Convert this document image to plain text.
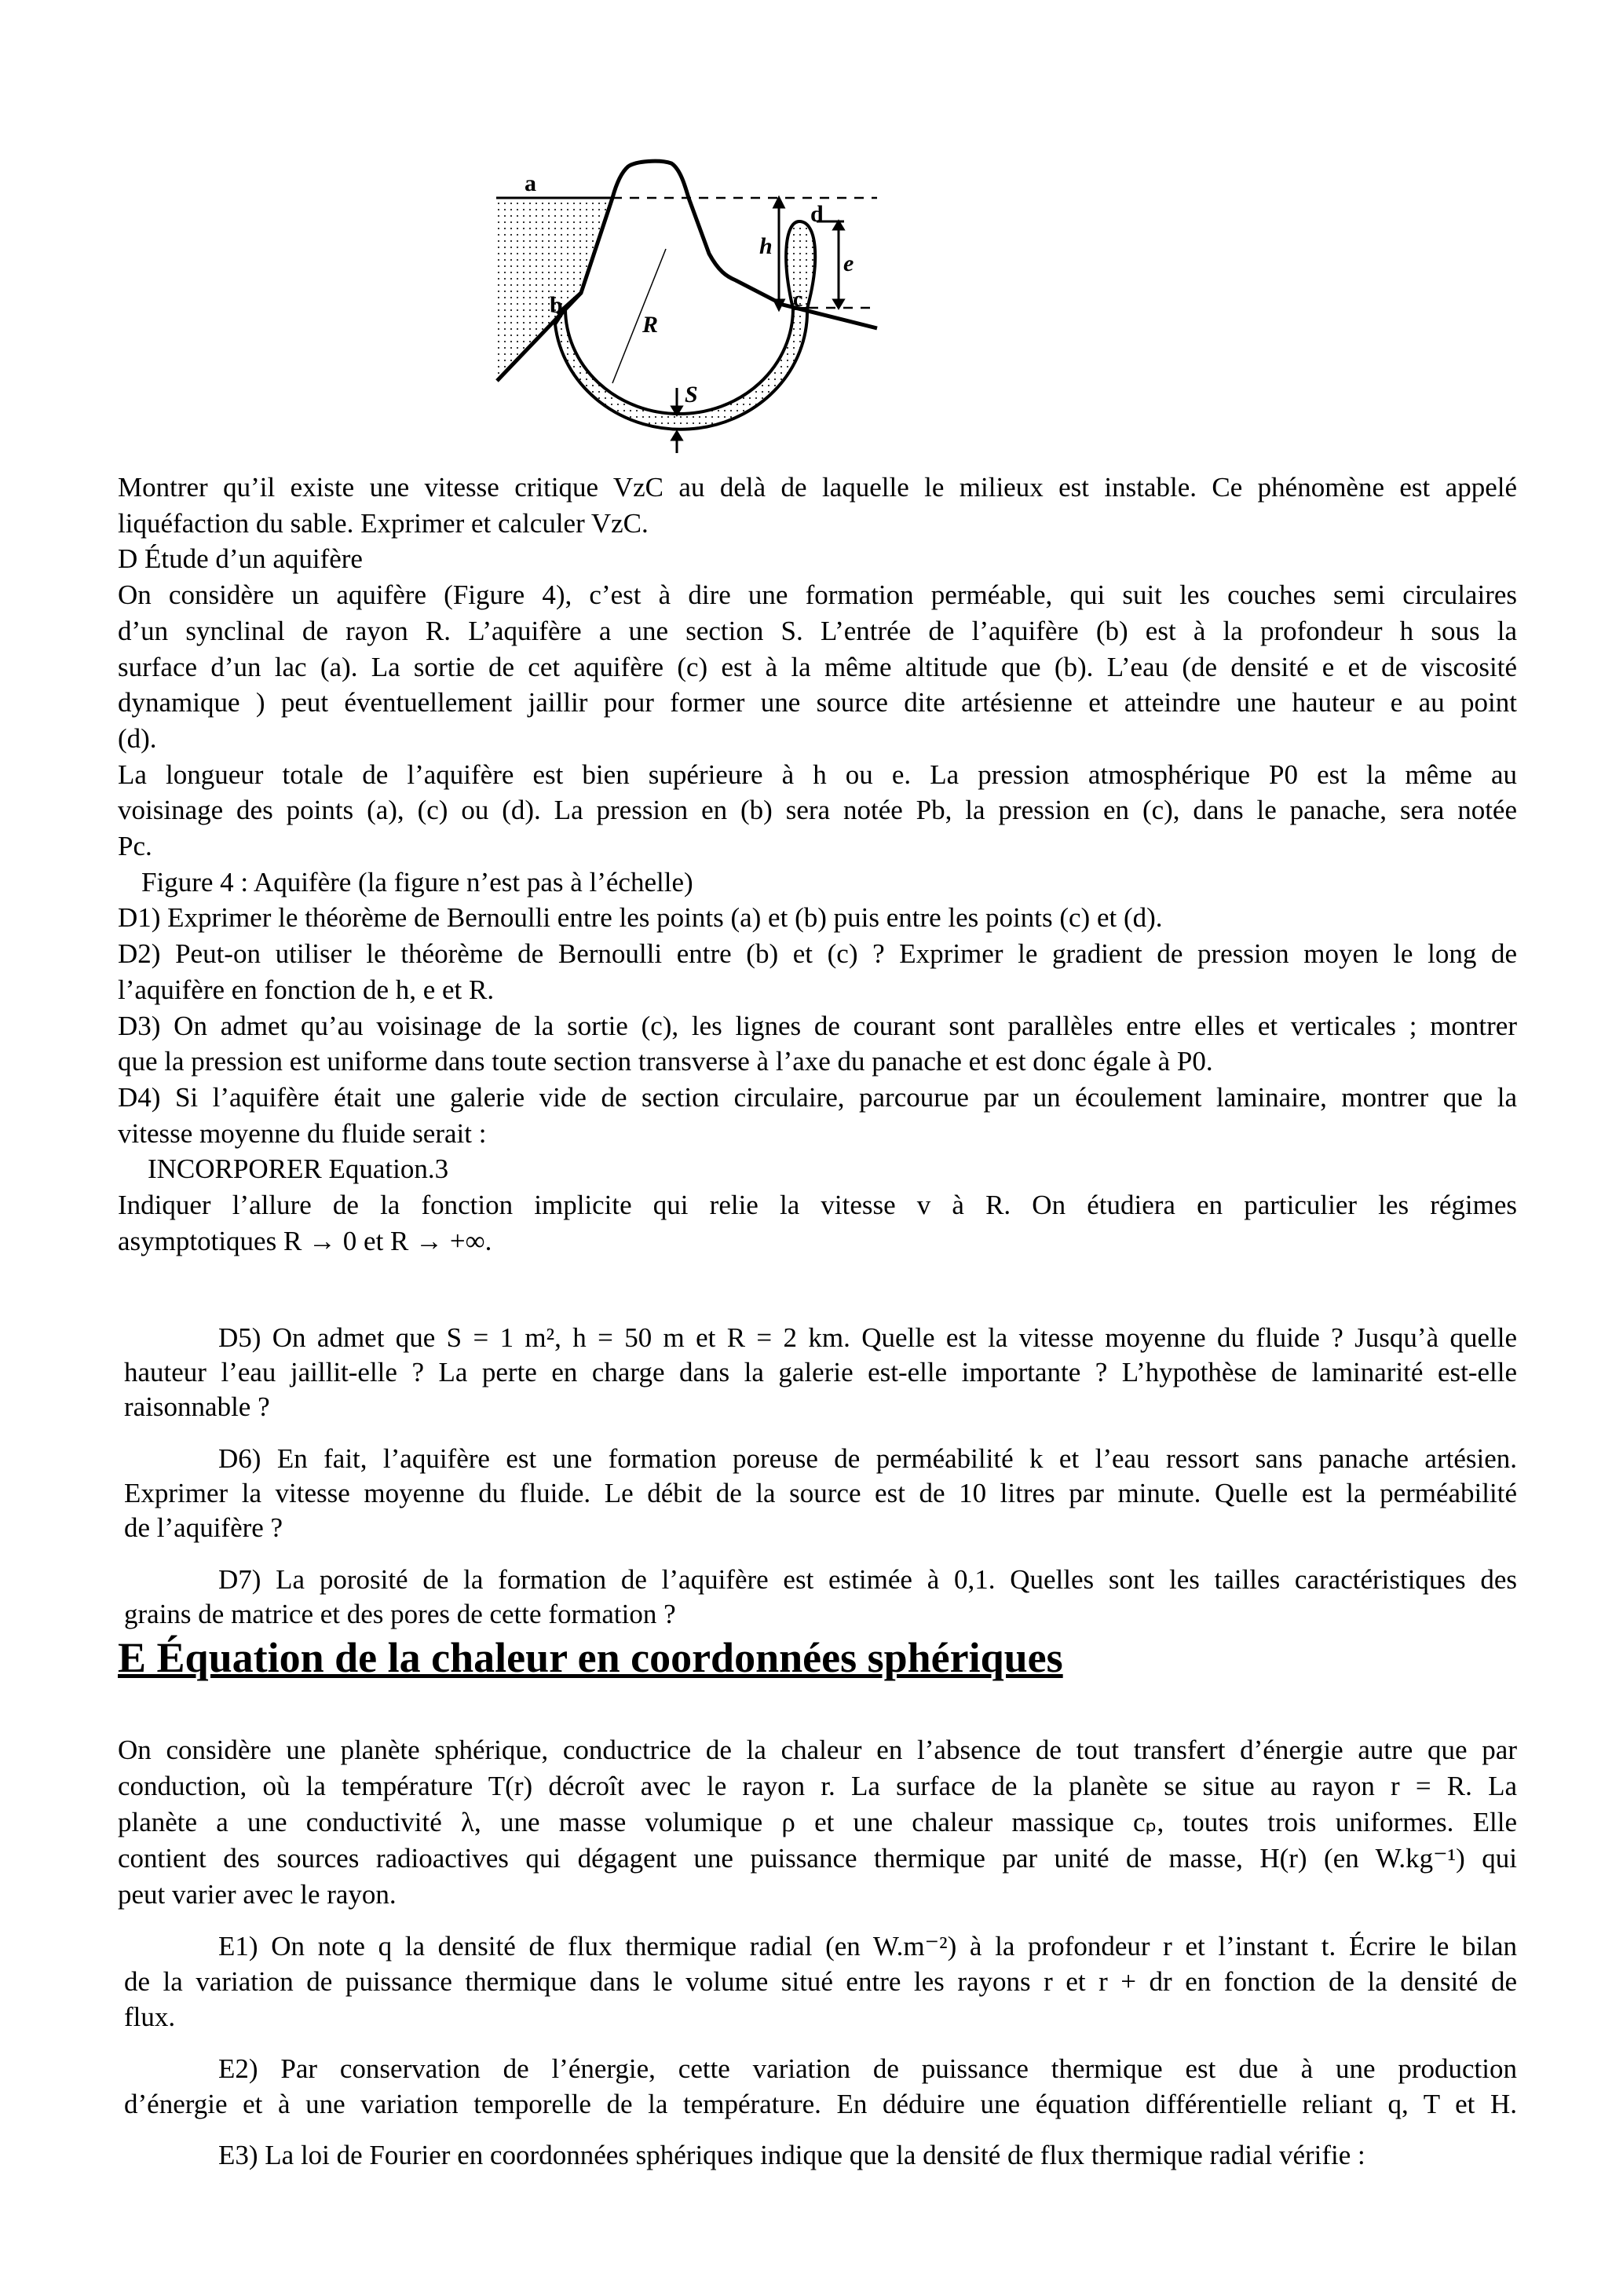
a
b	c
d
h
e
R
S
Montrer qu’il existe une vitesse critique VzC au delà de laquelle le milieux est instable. Ce phénomène est appelé
liquéfaction du sable. Exprimer et calculer VzC.
D Étude d’un aquifère
On considère un aquifère (Figure 4), c’est à dire une formation perméable, qui suit les couches semi circulaires
d’un synclinal de rayon R. L’aquifère a une section S. L’entrée de l’aquifère (b) est à la profondeur h sous la
surface d’un lac (a). La sortie de cet aquifère (c) est à la même altitude que (b). L’eau (de densité e et de viscosité
dynamique ) peut éventuellement jaillir pour former une source dite artésienne et atteindre une hauteur e au point
(d).
La longueur totale de l’aquifère est bien supérieure à h ou e. La pression atmosphérique P0 est la même au
voisinage des points (a), (c) ou (d). La pression en (b) sera notée Pb, la pression en (c), dans le panache, sera notée
Pc.
Figure 4 : Aquifère (la figure n’est pas à l’échelle)
D1) Exprimer le théorème de Bernoulli entre les points (a) et (b) puis entre les points (c) et (d).
D2) Peut-on utiliser le théorème de Bernoulli entre (b) et (c) ? Exprimer le gradient de pression moyen le long de
l’aquifère en fonction de h, e et R.
D3) On admet qu’au voisinage de la sortie (c), les lignes de courant sont parallèles entre elles et verticales ; montrer
que la pression est uniforme dans toute section transverse à l’axe du panache et est donc égale à P0.
D4) Si l’aquifère était une galerie vide de section circulaire, parcourue par un écoulement laminaire, montrer que la
vitesse moyenne du fluide serait :
INCORPORER Equation.3
Indiquer l’allure de la fonction implicite qui relie la vitesse v à R. On étudiera en particulier les régimes
asymptotiques R → 0 et R → +∞.
D5) On admet que S = 1 m², h = 50 m et R = 2 km. Quelle est la vitesse moyenne du fluide ? Jusqu’à quelle
hauteur l’eau jaillit-elle ? La perte en charge dans la galerie est-elle importante ? L’hypothèse de laminarité est-elle
raisonnable ?
D6) En fait, l’aquifère est une formation poreuse de perméabilité k et l’eau ressort sans panache artésien.
Exprimer la vitesse moyenne du fluide. Le débit de la source est de 10 litres par minute. Quelle est la perméabilité
de l’aquifère ?
D7) La porosité de la formation de l’aquifère est estimée à 0,1. Quelles sont les tailles caractéristiques des
grains de matrice et des pores de cette formation ?
E Équation de la chaleur en coordonnées sphériques
On considère une planète sphérique, conductrice de la chaleur en l’absence de tout transfert d’énergie autre que par
conduction, où la température T(r) décroît avec le rayon r. La surface de la planète se situe au rayon r = R. La
planète a une conductivité λ, une masse volumique ρ et une chaleur massique cₚ, toutes trois uniformes. Elle
contient des sources radioactives qui dégagent une puissance thermique par unité de masse, H(r) (en W.kg⁻¹) qui
peut varier avec le rayon.
E1) On note q la densité de flux thermique radial (en W.m⁻²) à la profondeur r et l’instant t. Écrire le bilan
de la variation de puissance thermique dans le volume situé entre les rayons r et r + dr en fonction de la densité de
flux.
E2) Par conservation de l’énergie, cette variation de puissance thermique est due à une production
d’énergie et à une variation temporelle de la température. En déduire une équation différentielle reliant q, T et H.
E3) La loi de Fourier en coordonnées sphériques indique que la densité de flux thermique radial vérifie :
